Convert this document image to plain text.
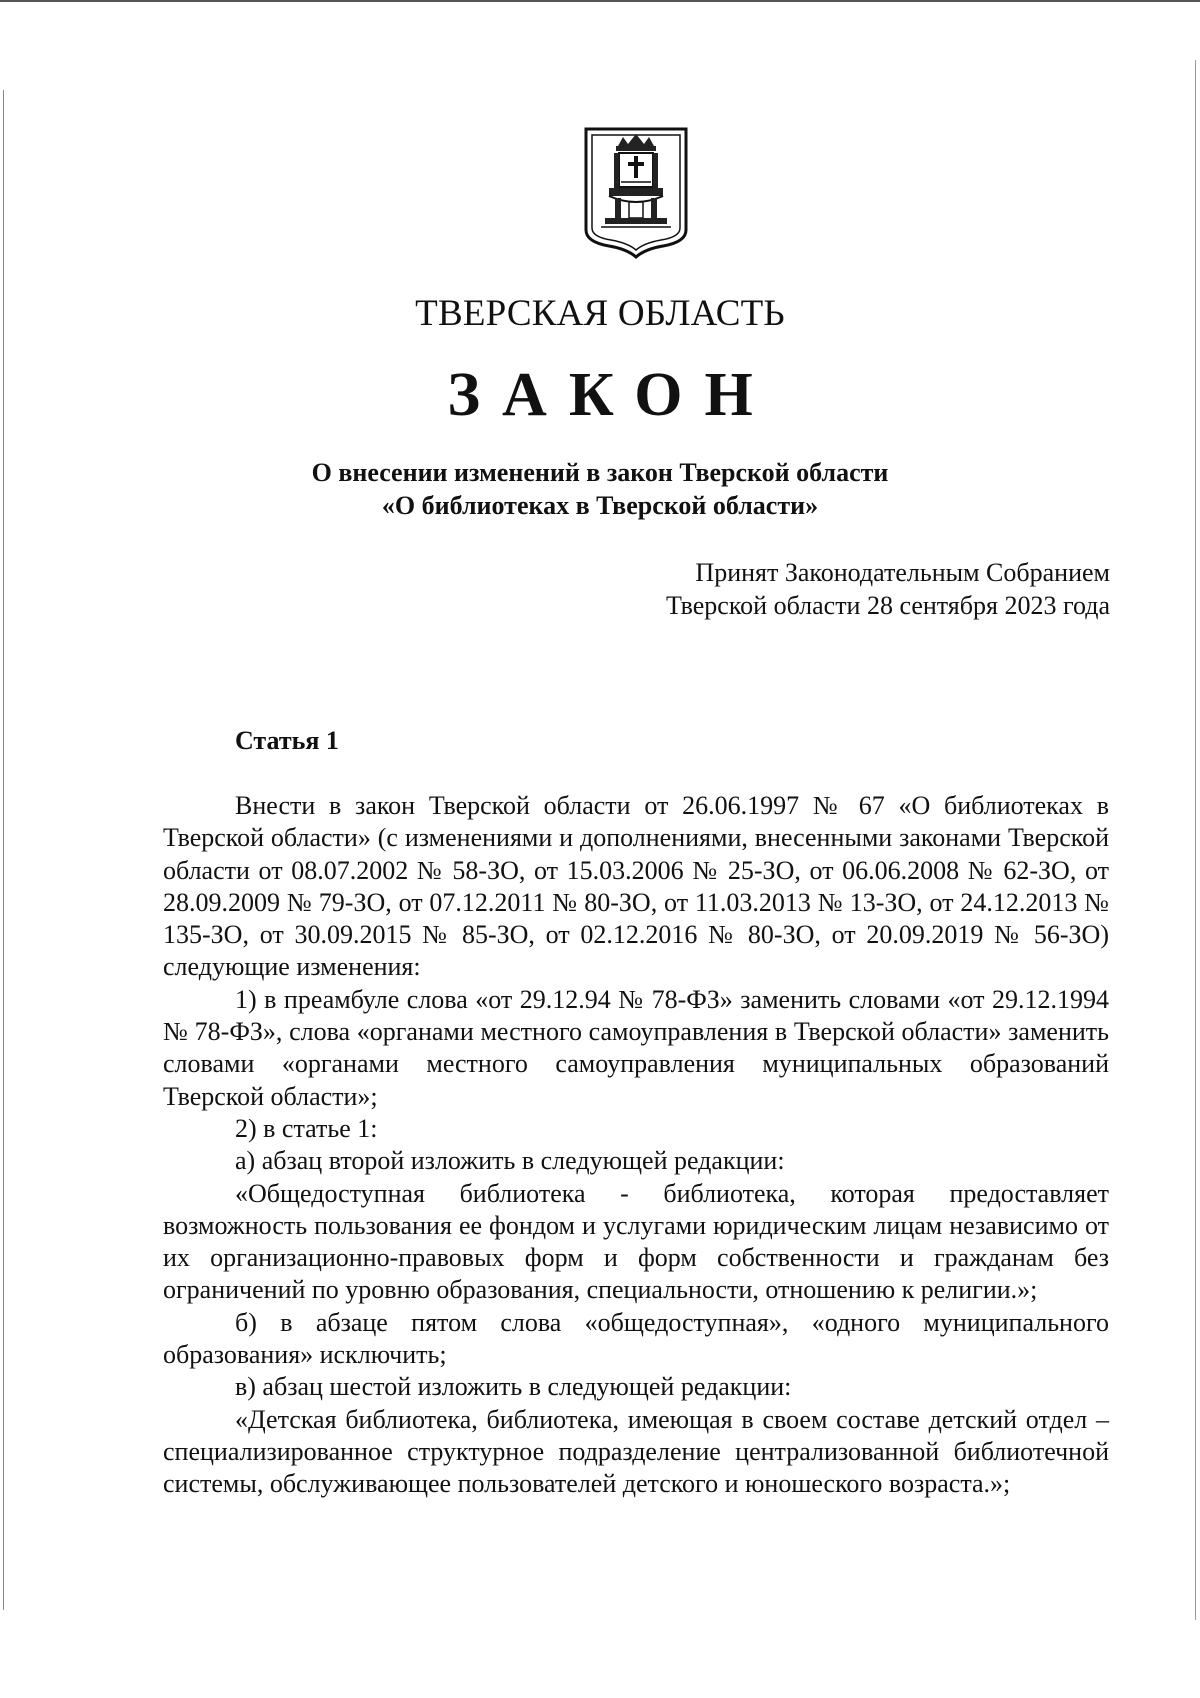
ТВЕРСКАЯ ОБЛАСТЬ
ЗАКОН
О внесении изменений в закон Тверской области
«О библиотеках в Тверской области»
Принят Законодательным Собранием
Тверской области 28 сентября 2023 года
Статья 1

Внести в закон Тверской области от 26.06.1997 № 67 «О библиотеках в Тверской области» (с изменениями и дополнениями, внесенными законами Тверской области от 08.07.2002 № 58-ЗО, от 15.03.2006 № 25-ЗО, от 06.06.2008 № 62-ЗО, от 28.09.2009 № 79-ЗО, от 07.12.2011 № 80-ЗО, от 11.03.2013 № 13-ЗО, от 24.12.2013 № 135-ЗО, от 30.09.2015 № 85-ЗО, от 02.12.2016 № 80-ЗО, от 20.09.2019 № 56-ЗО) следующие изменения:

1) в преамбуле слова «от 29.12.94 № 78-ФЗ» заменить словами «от 29.12.1994 № 78-ФЗ», слова «органами местного самоуправления в Тверской области» заменить словами «органами местного самоуправления муниципальных образований Тверской области»;

2) в статье 1:

а) абзац второй изложить в следующей редакции:

«Общедоступная библиотека - библиотека, которая предоставляет возможность пользования ее фондом и услугами юридическим лицам независимо от их организационно-правовых форм и форм собственности и гражданам без ограничений по уровню образования, специальности, отношению к религии.»;

б) в абзаце пятом слова «общедоступная», «одного муниципального образования» исключить;

в) абзац шестой изложить в следующей редакции:

«Детская библиотека, библиотека, имеющая в своем составе детский отдел – специализированное структурное подразделение централизованной библиотечной системы, обслуживающее пользователей детского и юношеского возраста.»;
